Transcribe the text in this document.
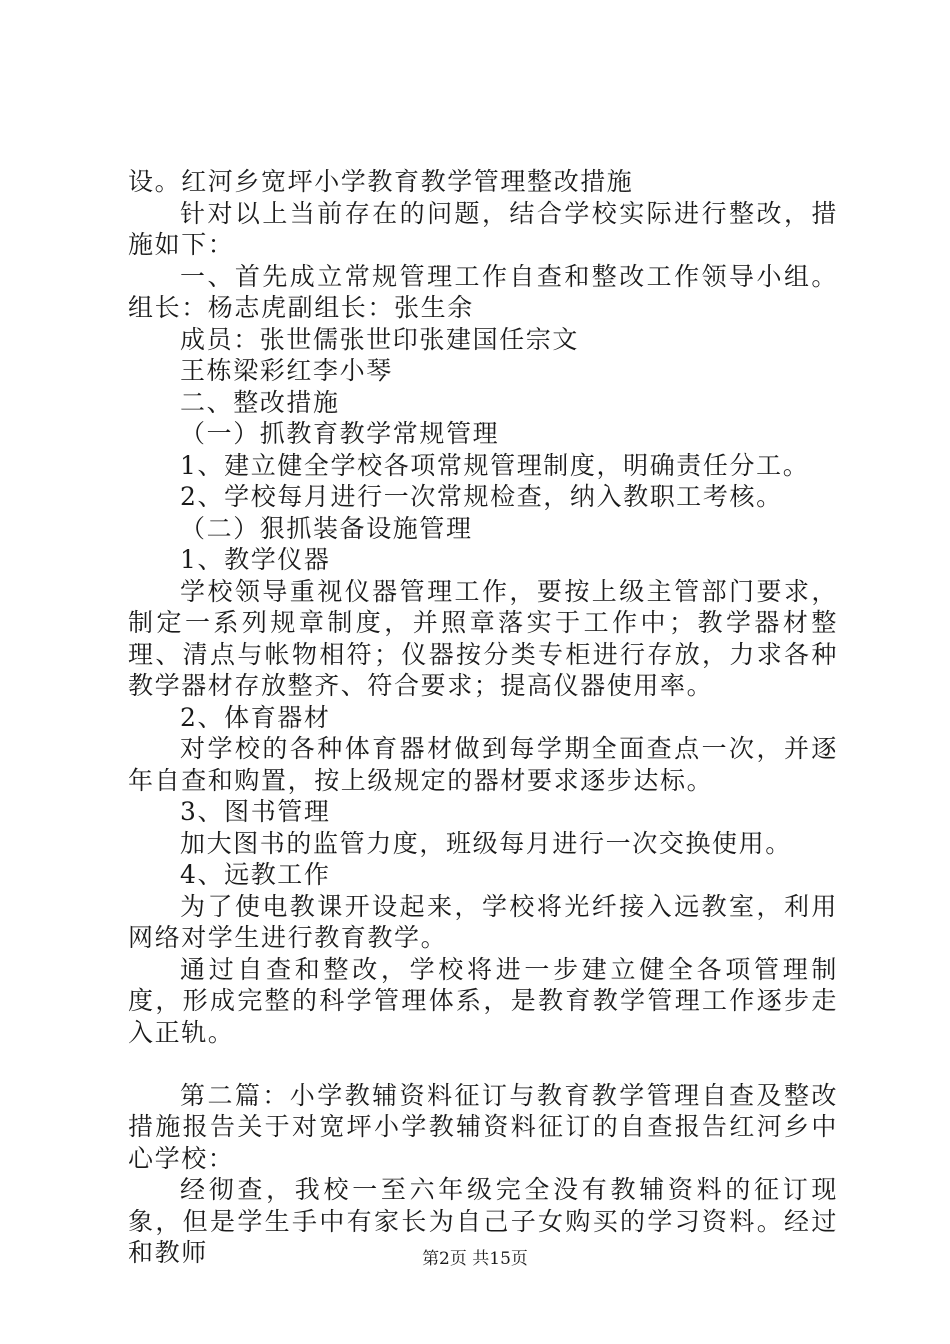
设。红河乡宽坪小学教育教学管理整改措施

针对以上当前存在的问题，结合学校实际进行整改，措施如下：

一、首先成立常规管理工作自查和整改工作领导小组。组长：杨志虎副组长：张生余

成员：张世儒张世印张建国任宗文

王栋梁彩红李小琴

二、整改措施

（一）抓教育教学常规管理

1、建立健全学校各项常规管理制度，明确责任分工。

2、学校每月进行一次常规检查，纳入教职工考核。

（二）狠抓装备设施管理

1、教学仪器

学校领导重视仪器管理工作，要按上级主管部门要求，制定一系列规章制度，并照章落实于工作中；教学器材整理、清点与帐物相符；仪器按分类专柜进行存放，力求各种教学器材存放整齐、符合要求；提高仪器使用率。

2、体育器材

对学校的各种体育器材做到每学期全面查点一次，并逐年自查和购置，按上级规定的器材要求逐步达标。

3、图书管理

加大图书的监管力度，班级每月进行一次交换使用。

4、远教工作

为了使电教课开设起来，学校将光纤接入远教室，利用网络对学生进行教育教学。

通过自查和整改，学校将进一步建立健全各项管理制度，形成完整的科学管理体系，是教育教学管理工作逐步走入正轨。

第二篇：小学教辅资料征订与教育教学管理自查及整改措施报告关于对宽坪小学教辅资料征订的自查报告红河乡中心学校：

经彻查，我校一至六年级完全没有教辅资料的征订现象，但是学生手中有家长为自己子女购买的学习资料。经过和教师	第2页 共15页
